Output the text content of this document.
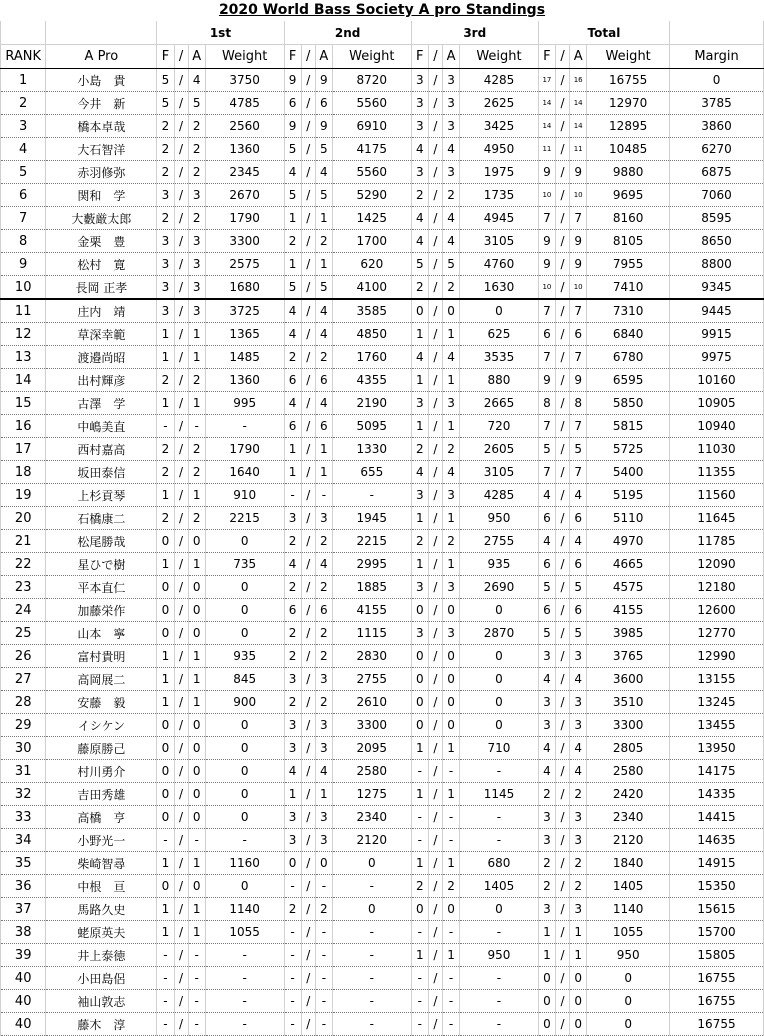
2020 World Bass Society A pro Standings
		1st				2nd				3rd				Total				
RANK	A Pro	F	/	A	Weight	F	/	A	Weight	F	/	A	Weight	F	/	A	Weight	Margin
1	小島　貴	5	/	4	3750	9	/	9	8720	3	/	3	4285	17	/	16	16755	0
2	今井　新	5	/	5	4785	6	/	6	5560	3	/	3	2625	14	/	14	12970	3785
3	橋本卓哉	2	/	2	2560	9	/	9	6910	3	/	3	3425	14	/	14	12895	3860
4	大石智洋	2	/	2	1360	5	/	5	4175	4	/	4	4950	11	/	11	10485	6270
5	赤羽修弥	2	/	2	2345	4	/	4	5560	3	/	3	1975	9	/	9	9880	6875
6	関和　学	3	/	3	2670	5	/	5	5290	2	/	2	1735	10	/	10	9695	7060
7	大藪厳太郎	2	/	2	1790	1	/	1	1425	4	/	4	4945	7	/	7	8160	8595
8	金栗　豊	3	/	3	3300	2	/	2	1700	4	/	4	3105	9	/	9	8105	8650
9	松村　寛	3	/	3	2575	1	/	1	620	5	/	5	4760	9	/	9	7955	8800
10	長岡 正孝	3	/	3	1680	5	/	5	4100	2	/	2	1630	10	/	10	7410	9345
11	庄内　靖	3	/	3	3725	4	/	4	3585	0	/	0	0	7	/	7	7310	9445
12	草深幸範	1	/	1	1365	4	/	4	4850	1	/	1	625	6	/	6	6840	9915
13	渡邉尚昭	1	/	1	1485	2	/	2	1760	4	/	4	3535	7	/	7	6780	9975
14	出村輝彦	2	/	2	1360	6	/	6	4355	1	/	1	880	9	/	9	6595	10160
15	古澤　学	1	/	1	995	4	/	4	2190	3	/	3	2665	8	/	8	5850	10905
16	中嶋美直	-	/	-	-	6	/	6	5095	1	/	1	720	7	/	7	5815	10940
17	西村嘉高	2	/	2	1790	1	/	1	1330	2	/	2	2605	5	/	5	5725	11030
18	坂田泰信	2	/	2	1640	1	/	1	655	4	/	4	3105	7	/	7	5400	11355
19	上杉貢琴	1	/	1	910	-	/	-	-	3	/	3	4285	4	/	4	5195	11560
20	石橋康二	2	/	2	2215	3	/	3	1945	1	/	1	950	6	/	6	5110	11645
21	松尾勝哉	0	/	0	0	2	/	2	2215	2	/	2	2755	4	/	4	4970	11785
22	星ひで樹	1	/	1	735	4	/	4	2995	1	/	1	935	6	/	6	4665	12090
23	平本直仁	0	/	0	0	2	/	2	1885	3	/	3	2690	5	/	5	4575	12180
24	加藤栄作	0	/	0	0	6	/	6	4155	0	/	0	0	6	/	6	4155	12600
25	山本　寧	0	/	0	0	2	/	2	1115	3	/	3	2870	5	/	5	3985	12770
26	富村貴明	1	/	1	935	2	/	2	2830	0	/	0	0	3	/	3	3765	12990
27	高岡展二	1	/	1	845	3	/	3	2755	0	/	0	0	4	/	4	3600	13155
28	安藤　毅	1	/	1	900	2	/	2	2610	0	/	0	0	3	/	3	3510	13245
29	イシケン	0	/	0	0	3	/	3	3300	0	/	0	0	3	/	3	3300	13455
30	藤原勝己	0	/	0	0	3	/	3	2095	1	/	1	710	4	/	4	2805	13950
31	村川勇介	0	/	0	0	4	/	4	2580	-	/	-	-	4	/	4	2580	14175
32	吉田秀雄	0	/	0	0	1	/	1	1275	1	/	1	1145	2	/	2	2420	14335
33	高橋　亨	0	/	0	0	3	/	3	2340	-	/	-	-	3	/	3	2340	14415
34	小野光一	-	/	-	-	3	/	3	2120	-	/	-	-	3	/	3	2120	14635
35	柴崎智尋	1	/	1	1160	0	/	0	0	1	/	1	680	2	/	2	1840	14915
36	中根　亘	0	/	0	0	-	/	-	-	2	/	2	1405	2	/	2	1405	15350
37	馬路久史	1	/	1	1140	2	/	2	0	0	/	0	0	3	/	3	1140	15615
38	蛯原英夫	1	/	1	1055	-	/	-	-	-	/	-	-	1	/	1	1055	15700
39	井上泰徳	-	/	-	-	-	/	-	-	1	/	1	950	1	/	1	950	15805
40	小田島侶	-	/	-	-	-	/	-	-	-	/	-	-	0	/	0	0	16755
40	袖山敦志	-	/	-	-	-	/	-	-	-	/	-	-	0	/	0	0	16755
40	藤木　淳	-	/	-	-	-	/	-	-	-	/	-	-	0	/	0	0	16755
